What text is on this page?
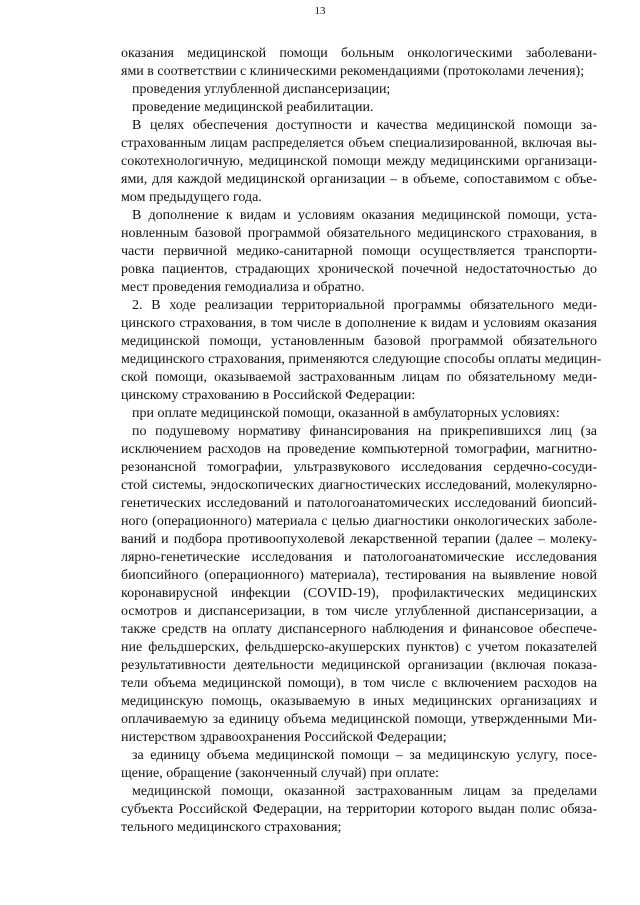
13
оказания медицинской помощи больным онкологическими заболевани-
ями в соответствии с клиническими рекомендациями (протоколами лечения);
проведения углубленной диспансеризации;
проведение медицинской реабилитации.
В целях обеспечения доступности и качества медицинской помощи за-
страхованным лицам распределяется объем специализированной, включая вы-
сокотехнологичную, медицинской помощи между медицинскими организаци-
ями, для каждой медицинской организации – в объеме, сопоставимом с объе-
мом предыдущего года.
В дополнение к видам и условиям оказания медицинской помощи, уста-
новленным базовой программой обязательного медицинского страхования, в
части первичной медико-санитарной помощи осуществляется транспорти-
ровка пациентов, страдающих хронической почечной недостаточностью до
мест проведения гемодиализа и обратно.
2. В ходе реализации территориальной программы обязательного меди-
цинского страхования, в том числе в дополнение к видам и условиям оказания
медицинской помощи, установленным базовой программой обязательного
медицинского страхования, применяются следующие способы оплаты медицин-
ской помощи, оказываемой застрахованным лицам по обязательному меди-
цинскому страхованию в Российской Федерации:
при оплате медицинской помощи, оказанной в амбулаторных условиях:
по подушевому нормативу финансирования на прикрепившихся лиц (за
исключением расходов на проведение компьютерной томографии, магнитно-
резонансной томографии, ультразвукового исследования сердечно-сосуди-
стой системы, эндоскопических диагностических исследований, молекулярно-
генетических исследований и патологоанатомических исследований биопсий-
ного (операционного) материала с целью диагностики онкологических заболе-
ваний и подбора противоопухолевой лекарственной терапии (далее – молеку-
лярно-генетические исследования и патологоанатомические исследования
биопсийного (операционного) материала), тестирования на выявление новой
коронавирусной инфекции (COVID-19), профилактических медицинских
осмотров и диспансеризации, в том числе углубленной диспансеризации, а
также средств на оплату диспансерного наблюдения и финансовое обеспече-
ние фельдшерских, фельдшерско-акушерских пунктов) с учетом показателей
результативности деятельности медицинской организации (включая показа-
тели объема медицинской помощи), в том числе с включением расходов на
медицинскую помощь, оказываемую в иных медицинских организациях и
оплачиваемую за единицу объема медицинской помощи, утвержденными Ми-
нистерством здравоохранения Российской Федерации;
за единицу объема медицинской помощи – за медицинскую услугу, посе-
щение, обращение (законченный случай) при оплате:
медицинской помощи, оказанной застрахованным лицам за пределами
субъекта Российской Федерации, на территории которого выдан полис обяза-
тельного медицинского страхования;
